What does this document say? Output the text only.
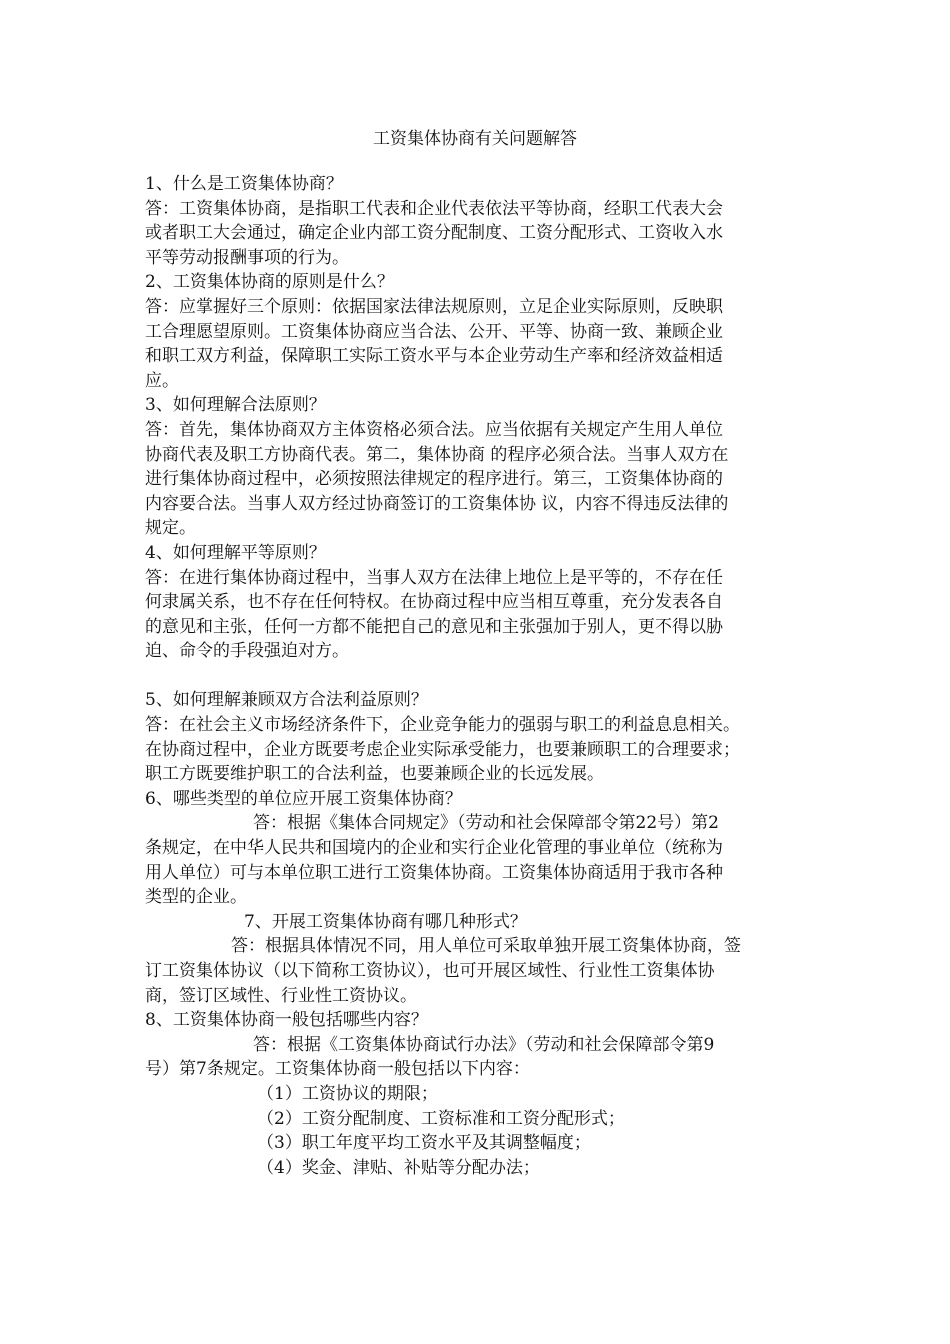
工资集体协商有关问题解答
1、什么是工资集体协商？
答：工资集体协商，是指职工代表和企业代表依法平等协商，经职工代表大会
或者职工大会通过，确定企业内部工资分配制度、工资分配形式、工资收入水
平等劳动报酬事项的行为。
2、工资集体协商的原则是什么？
答：应掌握好三个原则：依据国家法律法规原则，立足企业实际原则，反映职
工合理愿望原则。工资集体协商应当合法、公开、平等、协商一致、兼顾企业
和职工双方利益，保障职工实际工资水平与本企业劳动生产率和经济效益相适
应。
3、如何理解合法原则？
答：首先，集体协商双方主体资格必须合法。应当依据有关规定产生用人单位
协商代表及职工方协商代表。第二，集体协商 的程序必须合法。当事人双方在
进行集体协商过程中，必须按照法律规定的程序进行。第三，工资集体协商的
内容要合法。当事人双方经过协商签订的工资集体协 议，内容不得违反法律的
规定。
4、如何理解平等原则？
答：在进行集体协商过程中，当事人双方在法律上地位上是平等的，不存在任
何隶属关系，也不存在任何特权。在协商过程中应当相互尊重，充分发表各自
的意见和主张，任何一方都不能把自己的意见和主张强加于别人，更不得以胁
迫、命令的手段强迫对方。
5、如何理解兼顾双方合法利益原则？
答：在社会主义市场经济条件下，企业竞争能力的强弱与职工的利益息息相关。
在协商过程中，企业方既要考虑企业实际承受能力，也要兼顾职工的合理要求；
职工方既要维护职工的合法利益，也要兼顾企业的长远发展。
6、哪些类型的单位应开展工资集体协商？
答：根据《集体合同规定》（劳动和社会保障部令第22号）第2
条规定，在中华人民共和国境内的企业和实行企业化管理的事业单位（统称为
用人单位）可与本单位职工进行工资集体协商。工资集体协商适用于我市各种
类型的企业。
7、开展工资集体协商有哪几种形式？
答：根据具体情况不同，用人单位可采取单独开展工资集体协商，签
订工资集体协议（以下简称工资协议），也可开展区域性、行业性工资集体协
商，签订区域性、行业性工资协议。
8、工资集体协商一般包括哪些内容？
答：根据《工资集体协商试行办法》（劳动和社会保障部令第9
号）第7条规定。工资集体协商一般包括以下内容：
（1）工资协议的期限；
（2）工资分配制度、工资标准和工资分配形式；
（3）职工年度平均工资水平及其调整幅度；
（4）奖金、津贴、补贴等分配办法；
